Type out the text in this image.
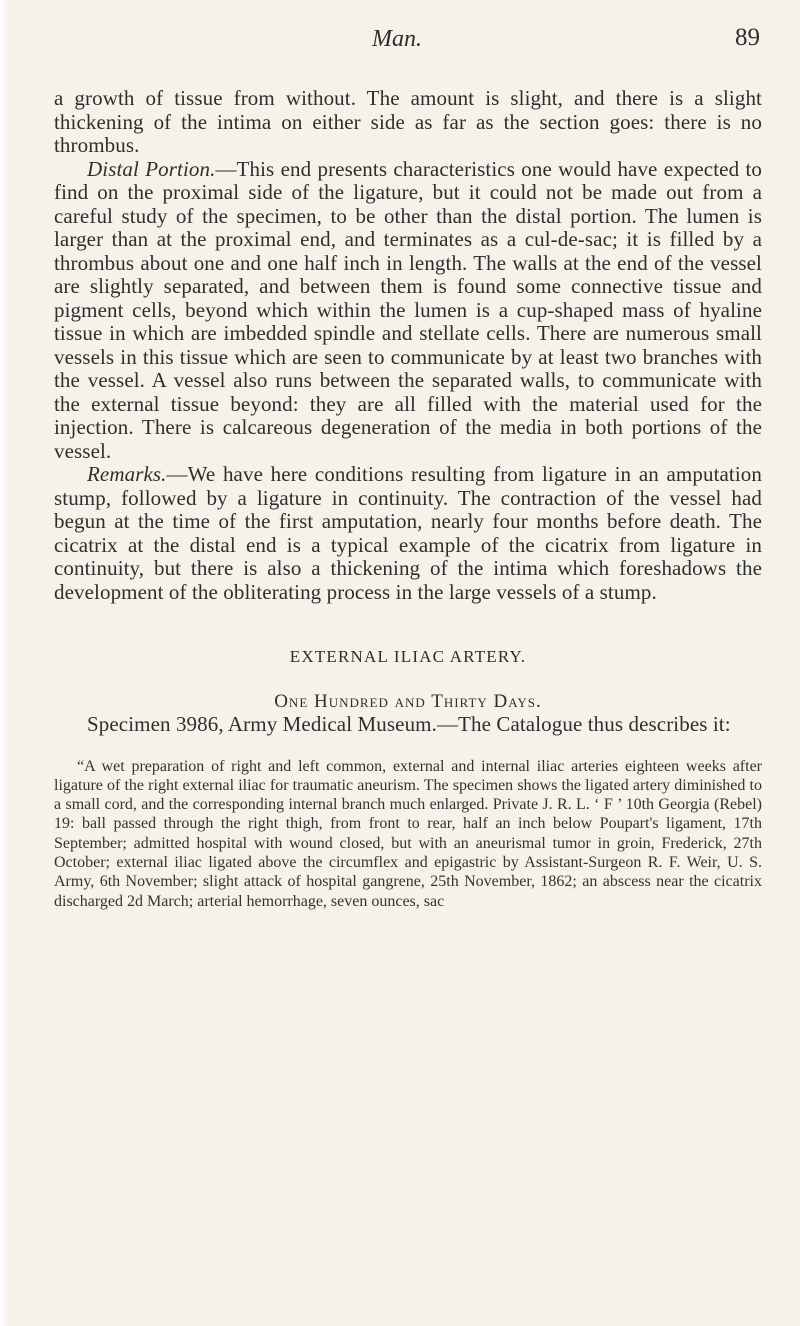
Man.	89

a growth of tissue from without. The amount is slight, and there is a slight thickening of the intima on either side as far as the section goes: there is no thrombus.

Distal Portion.—This end presents characteristics one would have expected to find on the proximal side of the ligature, but it could not be made out from a careful study of the specimen, to be other than the distal portion. The lumen is larger than at the proximal end, and terminates as a cul-de-sac; it is filled by a thrombus about one and one half inch in length. The walls at the end of the vessel are slightly separated, and between them is found some connective tissue and pigment cells, beyond which within the lumen is a cup-shaped mass of hyaline tissue in which are imbedded spindle and stellate cells. There are numerous small vessels in this tissue which are seen to communicate by at least two branches with the vessel. A vessel also runs between the separated walls, to communicate with the external tissue beyond: they are all filled with the material used for the injection. There is calcareous degeneration of the media in both portions of the vessel.

Remarks.—We have here conditions resulting from ligature in an amputation stump, followed by a ligature in continuity. The contraction of the vessel had begun at the time of the first amputation, nearly four months before death. The cicatrix at the distal end is a typical example of the cicatrix from ligature in continuity, but there is also a thickening of the intima which foreshadows the development of the obliterating process in the large vessels of a stump.

EXTERNAL ILIAC ARTERY.
One Hundred and Thirty Days.

Specimen 3986, Army Medical Museum.—The Catalogue thus describes it:

“A wet preparation of right and left common, external and internal iliac arteries eighteen weeks after ligature of the right external iliac for traumatic aneurism. The specimen shows the ligated artery diminished to a small cord, and the corresponding internal branch much enlarged. Private J. R. L. ‘ F ’ 10th Georgia (Rebel) 19: ball passed through the right thigh, from front to rear, half an inch below Poupart's ligament, 17th September; admitted hospital with wound closed, but with an aneurismal tumor in groin, Frederick, 27th October; external iliac ligated above the circumflex and epigastric by Assistant-Surgeon R. F. Weir, U. S. Army, 6th November; slight attack of hospital gangrene, 25th November, 1862; an abscess near the cicatrix discharged 2d March; arterial hemorrhage, seven ounces, sac
